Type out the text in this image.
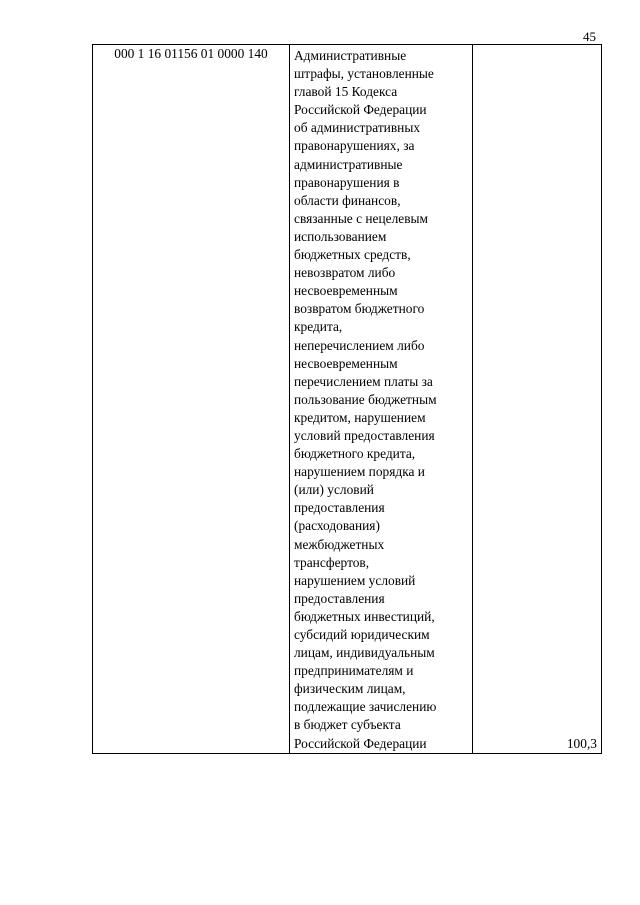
45
000 1 16 01156 01 0000 140	Административные
штрафы, установленные
главой 15 Кодекса
Российской Федерации
об административных
правонарушениях, за
административные
правонарушения в
области финансов,
связанные с нецелевым
использованием
бюджетных средств,
невозвратом либо
несвоевременным
возвратом бюджетного
кредита,
неперечислением либо
несвоевременным
перечислением платы за
пользование бюджетным
кредитом, нарушением
условий предоставления
бюджетного кредита,
нарушением порядка и
(или) условий
предоставления
(расходования)
межбюджетных
трансфертов,
нарушением условий
предоставления
бюджетных инвестиций,
субсидий юридическим
лицам, индивидуальным
предпринимателям и
физическим лицам,
подлежащие зачислению
в бюджет субъекта
Российской Федерации	100,3
